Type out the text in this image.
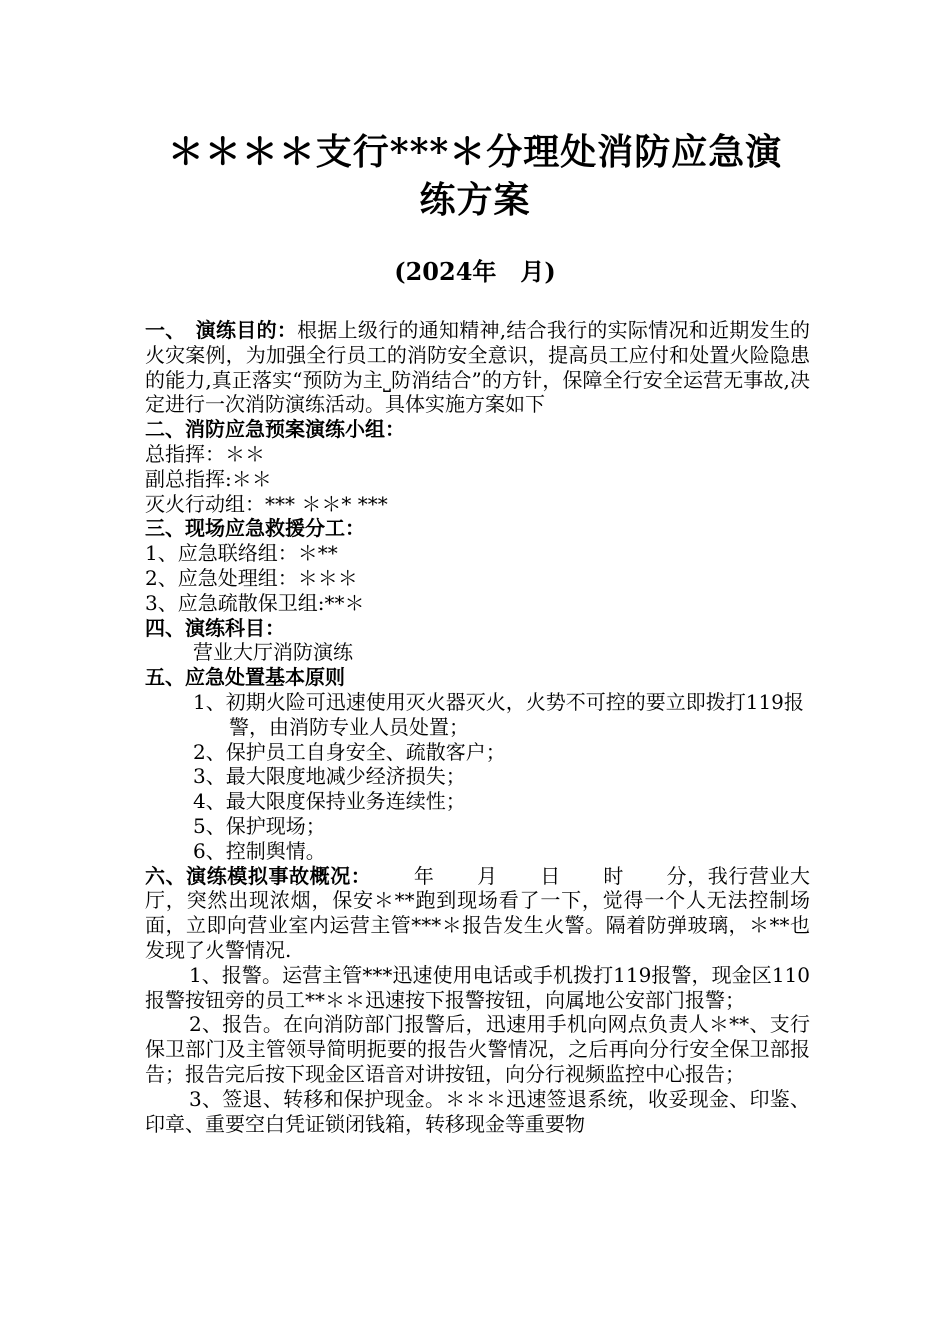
＊＊＊＊支行***＊分理处消防应急演练方案
(2024年　月)

一、　演练目的：根据上级行的通知精神,结合我行的实际情况和近期发生的火灾案例，为加强全行员工的消防安全意识，提高员工应付和处置火险隐患的能力,真正落实“预防为主⎵防消结合”的方针，保障全行安全运营无事故,决定进行一次消防演练活动。具体实施方案如下

二、消防应急预案演练小组：

总指挥：＊＊

副总指挥:＊＊

灭火行动组：*** ＊＊* ***

三、现场应急救援分工：

1、应急联络组：＊**

2、应急处理组：＊＊＊

3、应急疏散保卫组:**＊

四、演练科目：

营业大厅消防演练

五、应急处置基本原则

1、初期火险可迅速使用灭火器灭火，火势不可控的要立即拨打119报警，由消防专业人员处置；

2、保护员工自身安全、疏散客户；

3、最大限度地减少经济损失；

4、最大限度保持业务连续性；

5、保护现场；

6、控制舆情。

六、演练模拟事故概况： 年 月 日 时 分，我行营业大厅，突然出现浓烟，保安＊**跑到现场看了一下，觉得一个人无法控制场面，立即向营业室内运营主管***＊报告发生火警。隔着防弹玻璃，＊**也发现了火警情况.

1、报警。运营主管***迅速使用电话或手机拨打119报警，现金区110报警按钮旁的员工**＊＊迅速按下报警按钮，向属地公安部门报警；

2、报告。在向消防部门报警后，迅速用手机向网点负责人＊**、支行保卫部门及主管领导简明扼要的报告火警情况，之后再向分行安全保卫部报告；报告完后按下现金区语音对讲按钮，向分行视频监控中心报告；

3、签退、转移和保护现金。＊＊＊迅速签退系统，收妥现金、印鉴、印章、重要空白凭证锁闭钱箱，转移现金等重要物
